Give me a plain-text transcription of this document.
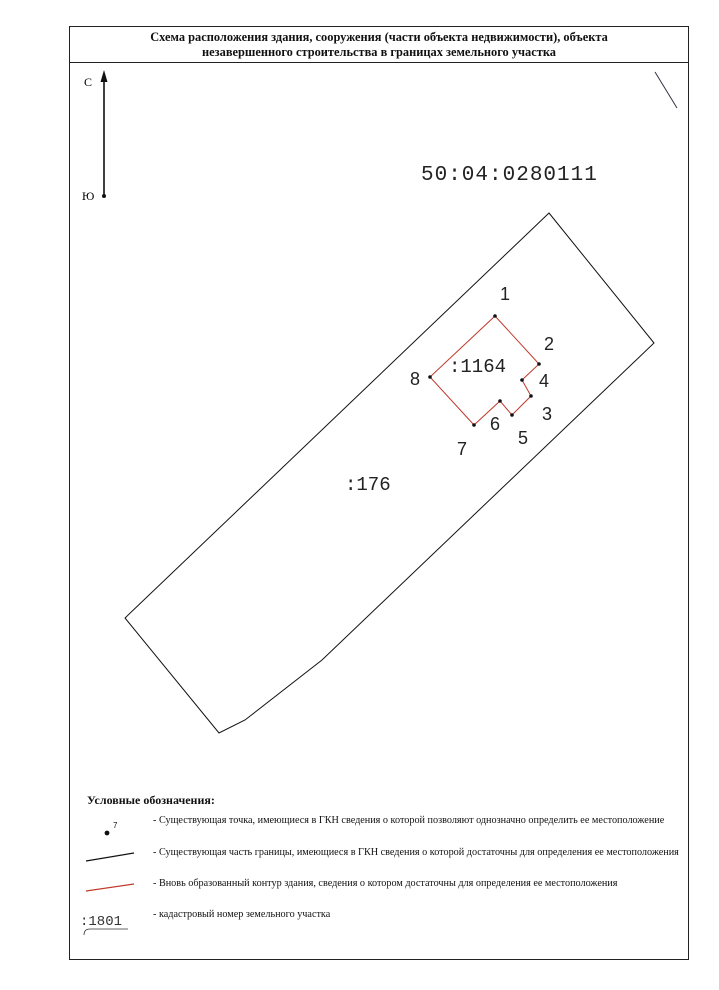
Схема расположения здания, сооружения (части объекта недвижимости), объекта
незавершенного строительства в границах земельного участка
С
Ю
50:04:0280111
:176
:1164
1
2
3
4
5
6
7
8
7
:1801
Условные обозначения:
- Существующая точка, имеющиеся в ГКН сведения о которой позволяют однозначно определить ее местоположение
- Существующая часть границы, имеющиеся в ГКН сведения о которой достаточны для определения ее местоположения
- Вновь образованный контур здания, сведения о котором достаточны для определения ее местоположения
- кадастровый номер земельного участка
